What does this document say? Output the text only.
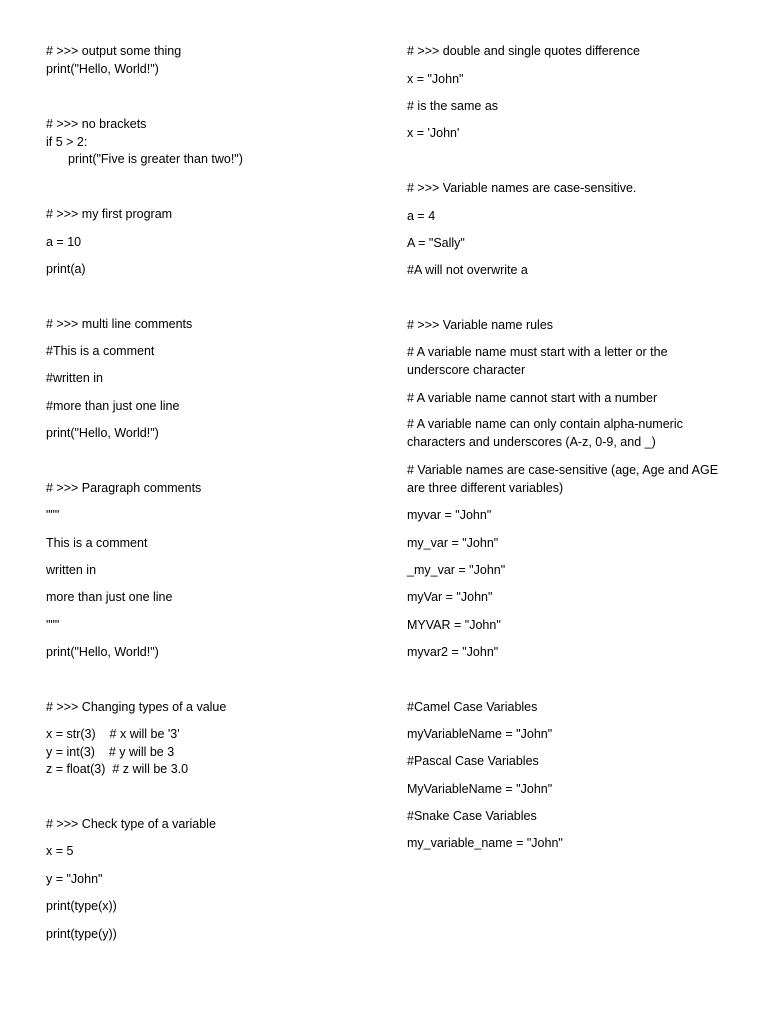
# >>> output some thing
print("Hello, World!")
# >>> no brackets
if 5 > 2:
print("Five is greater than two!")
# >>> my first program
a = 10
print(a)
# >>> multi line comments
#This is a comment
#written in
#more than just one line
print("Hello, World!")
# >>> Paragraph comments
"""
This is a comment
written in
more than just one line
"""
print("Hello, World!")
# >>> Changing types of a value
x = str(3)    # x will be '3'
y = int(3)    # y will be 3
z = float(3)  # z will be 3.0
# >>> Check type of a variable
x = 5
y = "John"
print(type(x))
print(type(y))
# >>> double and single quotes difference
x = "John"
# is the same as
x = 'John'
# >>> Variable names are case-sensitive.
a = 4
A = "Sally"
#A will not overwrite a
# >>> Variable name rules
# A variable name must start with a letter or the underscore character
# A variable name cannot start with a number
# A variable name can only contain alpha-numeric characters and underscores (A-z, 0-9, and _)
# Variable names are case-sensitive (age, Age and AGE are three different variables)
myvar = "John"
my_var = "John"
_my_var = "John"
myVar = "John"
MYVAR = "John"
myvar2 = "John"
#Camel Case Variables
myVariableName = "John"
#Pascal Case Variables
MyVariableName = "John"
#Snake Case Variables
my_variable_name = "John"
